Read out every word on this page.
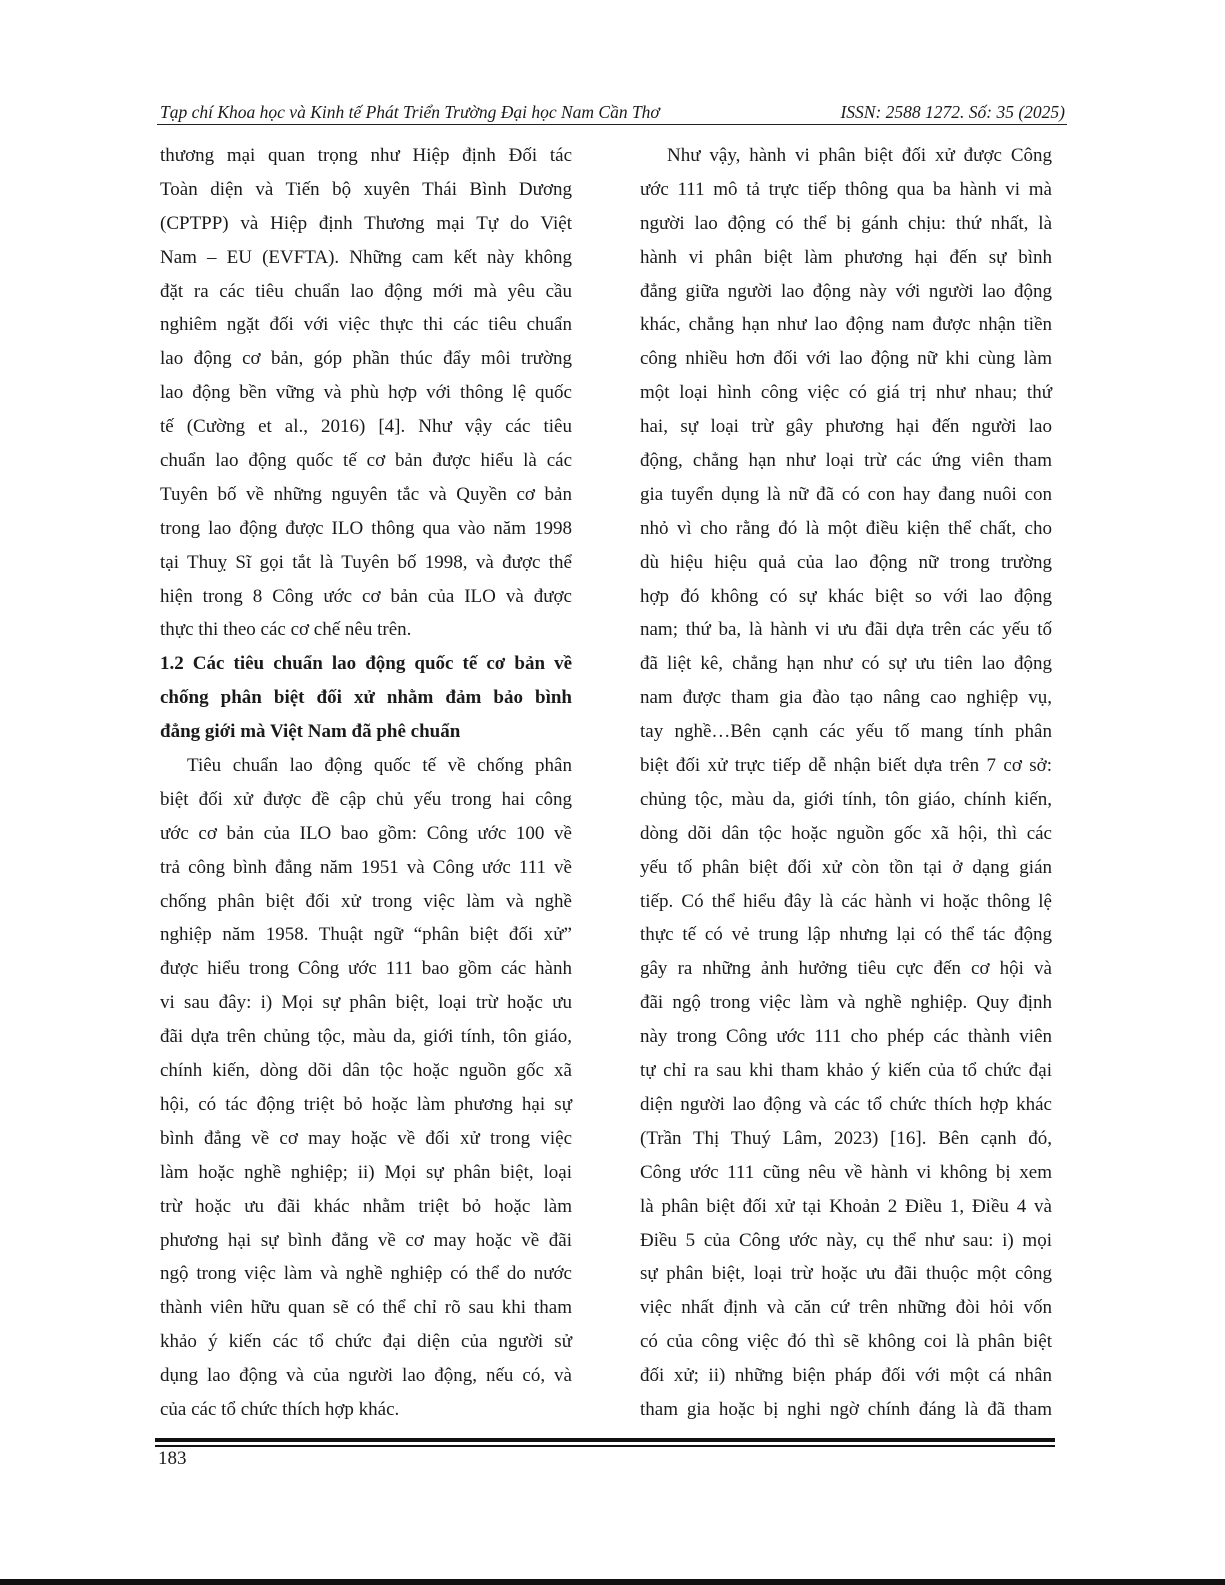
Tạp chí Khoa học và Kinh tế Phát Triển Trường Đại học Nam Cần Thơ	ISSN: 2588 1272. Số: 35 (2025)
thương mại quan trọng như Hiệp định Đối tác
Toàn diện và Tiến bộ xuyên Thái Bình Dương
(CPTPP) và Hiệp định Thương mại Tự do Việt
Nam – EU (EVFTA). Những cam kết này không
đặt ra các tiêu chuẩn lao động mới mà yêu cầu
nghiêm ngặt đối với việc thực thi các tiêu chuẩn
lao động cơ bản, góp phần thúc đẩy môi trường
lao động bền vững và phù hợp với thông lệ quốc
tế (Cường et al., 2016) [4]. Như vậy các tiêu
chuẩn lao động quốc tế cơ bản được hiểu là các
Tuyên bố về những nguyên tắc và Quyền cơ bản
trong lao động được ILO thông qua vào năm 1998
tại Thuỵ Sĩ gọi tắt là Tuyên bố 1998, và được thể
hiện trong 8 Công ước cơ bản của ILO và được
thực thi theo các cơ chế nêu trên.
1.2 Các tiêu chuẩn lao động quốc tế cơ bản về
chống phân biệt đối xử nhằm đảm bảo bình
đẳng giới mà Việt Nam đã phê chuẩn
Tiêu chuẩn lao động quốc tế về chống phân
biệt đối xử được đề cập chủ yếu trong hai công
ước cơ bản của ILO bao gồm: Công ước 100 về
trả công bình đẳng năm 1951 và Công ước 111 về
chống phân biệt đối xử trong việc làm và nghề
nghiệp năm 1958. Thuật ngữ “phân biệt đối xử”
được hiểu trong Công ước 111 bao gồm các hành
vi sau đây: i) Mọi sự phân biệt, loại trừ hoặc ưu
đãi dựa trên chủng tộc, màu da, giới tính, tôn giáo,
chính kiến, dòng dõi dân tộc hoặc nguồn gốc xã
hội, có tác động triệt bỏ hoặc làm phương hại sự
bình đẳng về cơ may hoặc về đối xử trong việc
làm hoặc nghề nghiệp; ii) Mọi sự phân biệt, loại
trừ hoặc ưu đãi khác nhằm triệt bỏ hoặc làm
phương hại sự bình đẳng về cơ may hoặc về đãi
ngộ trong việc làm và nghề nghiệp có thể do nước
thành viên hữu quan sẽ có thể chỉ rõ sau khi tham
khảo ý kiến các tổ chức đại diện của người sử
dụng lao động và của người lao động, nếu có, và
của các tổ chức thích hợp khác.
Như vậy, hành vi phân biệt đối xử được Công
ước 111 mô tả trực tiếp thông qua ba hành vi mà
người lao động có thể bị gánh chịu: thứ nhất, là
hành vi phân biệt làm phương hại đến sự bình
đẳng giữa người lao động này với người lao động
khác, chẳng hạn như lao động nam được nhận tiền
công nhiều hơn đối với lao động nữ khi cùng làm
một loại hình công việc có giá trị như nhau; thứ
hai, sự loại trừ gây phương hại đến người lao
động, chẳng hạn như loại trừ các ứng viên tham
gia tuyển dụng là nữ đã có con hay đang nuôi con
nhỏ vì cho rằng đó là một điều kiện thể chất, cho
dù hiệu hiệu quả của lao động nữ trong trường
hợp đó không có sự khác biệt so với lao động
nam; thứ ba, là hành vi ưu đãi dựa trên các yếu tố
đã liệt kê, chẳng hạn như có sự ưu tiên lao động
nam được tham gia đào tạo nâng cao nghiệp vụ,
tay nghề…Bên cạnh các yếu tố mang tính phân
biệt đối xử trực tiếp dễ nhận biết dựa trên 7 cơ sở:
chủng tộc, màu da, giới tính, tôn giáo, chính kiến,
dòng dõi dân tộc hoặc nguồn gốc xã hội, thì các
yếu tố phân biệt đối xử còn tồn tại ở dạng gián
tiếp. Có thể hiểu đây là các hành vi hoặc thông lệ
thực tế có vẻ trung lập nhưng lại có thể tác động
gây ra những ảnh hưởng tiêu cực đến cơ hội và
đãi ngộ trong việc làm và nghề nghiệp. Quy định
này trong Công ước 111 cho phép các thành viên
tự chỉ ra sau khi tham khảo ý kiến của tổ chức đại
diện người lao động và các tổ chức thích hợp khác
(Trần Thị Thuý Lâm, 2023) [16]. Bên cạnh đó,
Công ước 111 cũng nêu về hành vi không bị xem
là phân biệt đối xử tại Khoản 2 Điều 1, Điều 4 và
Điều 5 của Công ước này, cụ thể như sau: i) mọi
sự phân biệt, loại trừ hoặc ưu đãi thuộc một công
việc nhất định và căn cứ trên những đòi hỏi vốn
có của công việc đó thì sẽ không coi là phân biệt
đối xử; ii) những biện pháp đối với một cá nhân
tham gia hoặc bị nghi ngờ chính đáng là đã tham
183
